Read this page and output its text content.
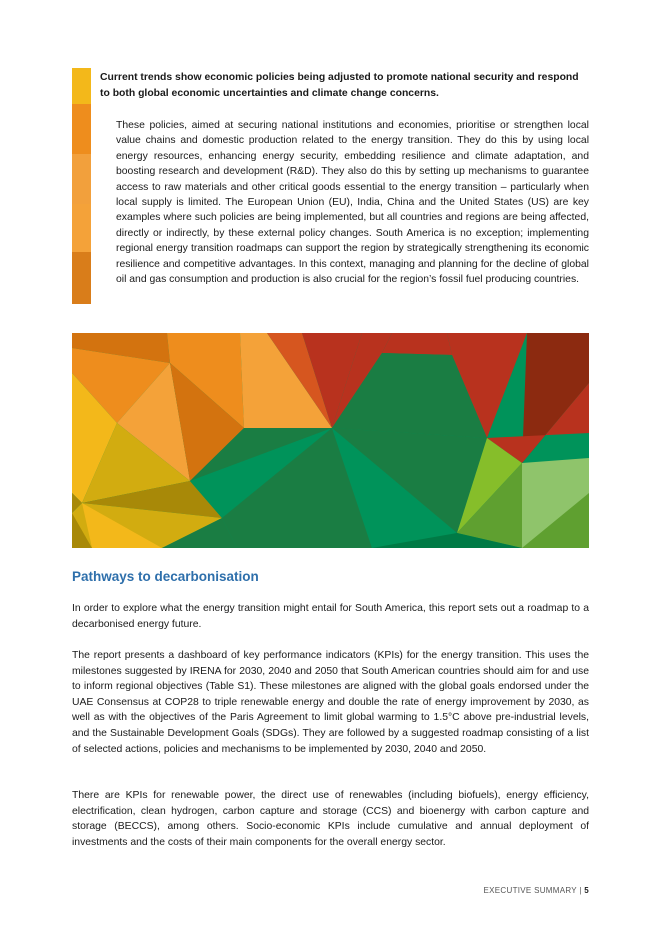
Current trends show economic policies being adjusted to promote national security and respond to both global economic uncertainties and climate change concerns.

These policies, aimed at securing national institutions and economies, prioritise or strengthen local value chains and domestic production related to the energy transition. They do this by using local energy resources, enhancing energy security, embedding resilience and climate adaptation, and boosting research and development (R&D). They also do this by setting up mechanisms to guarantee access to raw materials and other critical goods essential to the energy transition – particularly when local supply is limited. The European Union (EU), India, China and the United States (US) are key examples where such policies are being implemented, but all countries and regions are being affected, directly or indirectly, by these external policy changes. South America is no exception; implementing regional energy transition roadmaps can support the region by strategically strengthening its economic resilience and competitive advantages. In this context, managing and planning for the decline of global oil and gas consumption and production is also crucial for the region’s fossil fuel producing countries.

Pathways to decarbonisation

In order to explore what the energy transition might entail for South America, this report sets out a roadmap to a decarbonised energy future.

The report presents a dashboard of key performance indicators (KPIs) for the energy transition. This uses the milestones suggested by IRENA for 2030, 2040 and 2050 that South American countries should aim for and use to inform regional objectives (Table S1). These milestones are aligned with the global goals endorsed under the UAE Consensus at COP28 to triple renewable energy and double the rate of energy improvement by 2030, as well as with the objectives of the Paris Agreement to limit global warming to 1.5°C above pre-industrial levels, and the Sustainable Development Goals (SDGs). They are followed by a suggested roadmap consisting of a list of selected actions, policies and mechanisms to be implemented by 2030, 2040 and 2050.

There are KPIs for renewable power, the direct use of renewables (including biofuels), energy efficiency, electrification, clean hydrogen, carbon capture and storage (CCS) and bioenergy with carbon capture and storage (BECCS), among others. Socio-economic KPIs include cumulative and annual deployment of investments and the costs of their main components for the overall energy sector.

EXECUTIVE SUMMARY | 5
